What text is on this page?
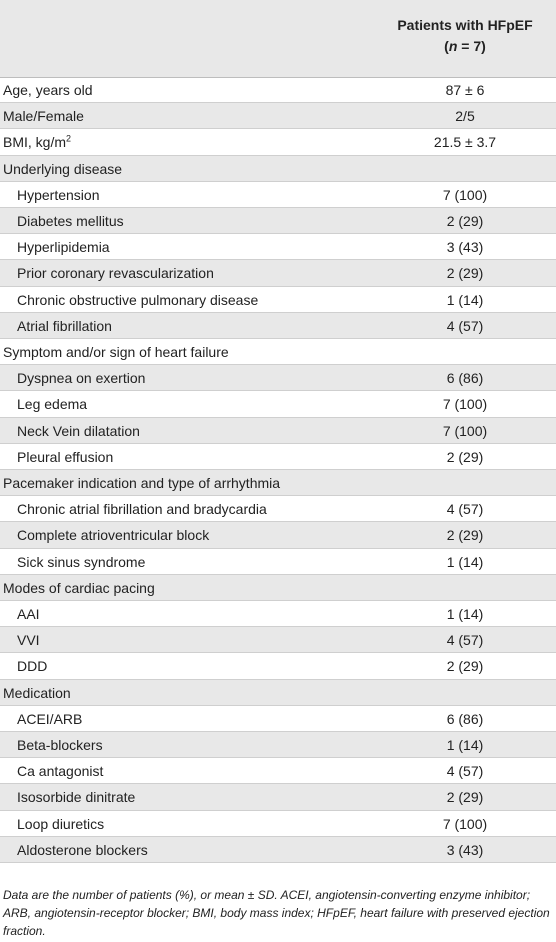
Patients with HFpEF
(n = 7)
Age, years old	87 ± 6
Male/Female	2/5
BMI, $kg/m^2$	21.5 ± 3.7
Underlying disease
Hypertension	7 (100)
Diabetes mellitus	2 (29)
Hyperlipidemia	3 (43)
Prior coronary revascularization	2 (29)
Chronic obstructive pulmonary disease	1 (14)
Atrial fibrillation	4 (57)
Symptom and/or sign of heart failure
Dyspnea on exertion	6 (86)
Leg edema	7 (100)
Neck Vein dilatation	7 (100)
Pleural effusion	2 (29)
Pacemaker indication and type of arrhythmia
Chronic atrial fibrillation and bradycardia	4 (57)
Complete atrioventricular block	2 (29)
Sick sinus syndrome	1 (14)
Modes of cardiac pacing
AAI	1 (14)
VVI	4 (57)
DDD	2 (29)
Medication
ACEI/ARB	6 (86)
Beta-blockers	1 (14)
Ca antagonist	4 (57)
Isosorbide dinitrate	2 (29)
Loop diuretics	7 (100)
Aldosterone blockers	3 (43)
Data are the number of patients (%), or mean ± SD. ACEI, angiotensin-converting enzyme inhibitor; ARB, angiotensin-receptor blocker; BMI, body mass index; HFpEF, heart failure with preserved ejection fraction.
